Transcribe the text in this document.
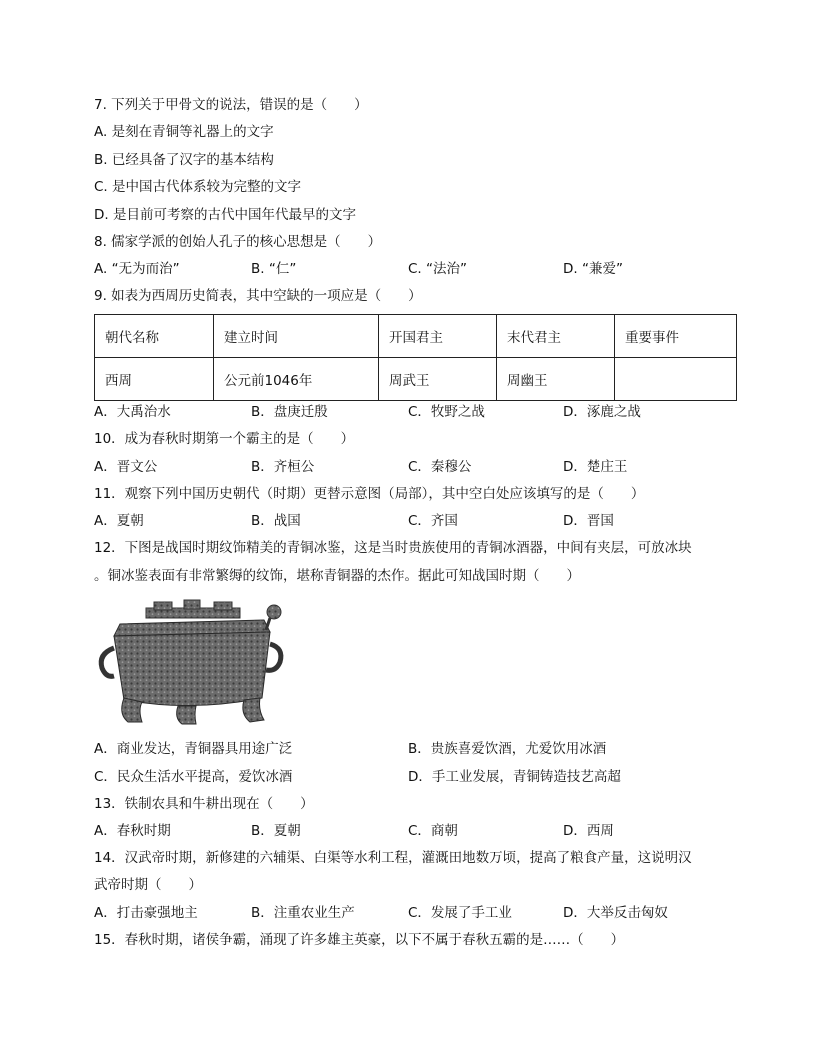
7. 下列关于甲骨文的说法，错误的是（　　）
A. 是刻在青铜等礼器上的文字
B. 已经具备了汉字的基本结构
C. 是中国古代体系较为完整的文字
D. 是目前可考察的古代中国年代最早的文字
8. 儒家学派的创始人孔子的核心思想是（　　）
A. “无为而治”	B. “仁”	C. “法治”	D. “兼爱”
9. 如表为西周历史简表，其中空缺的一项应是（　　）
朝代名称	建立时间	开国君主	末代君主	重要事件
西周	公元前1046年	周武王	周幽王	
A．大禹治水	B．盘庚迁殷	C．牧野之战	D．涿鹿之战
10．成为春秋时期第一个霸主的是（　　）
A．晋文公	B．齐桓公	C．秦穆公	D．楚庄王
11．观察下列中国历史朝代（时期）更替示意图（局部），其中空白处应该填写的是（　　）
A．夏朝	B．战国	C．齐国	D．晋国
12．下图是战国时期纹饰精美的青铜冰鉴，这是当时贵族使用的青铜冰酒器，中间有夹层，可放冰块
。铜冰鉴表面有非常繁缛的纹饰，堪称青铜器的杰作。据此可知战国时期（　　）
A．商业发达，青铜器具用途广泛	B．贵族喜爱饮酒，尤爱饮用冰酒
C．民众生活水平提高，爱饮冰酒	D．手工业发展，青铜铸造技艺高超
13．铁制农具和牛耕出现在（　　）
A．春秋时期	B．夏朝	C．商朝	D．西周
14．汉武帝时期，新修建的六辅渠、白渠等水利工程，灌溉田地数万顷，提高了粮食产量，这说明汉
武帝时期（　　）
A．打击豪强地主	B．注重农业生产	C．发展了手工业	D．大举反击匈奴
15．春秋时期，诸侯争霸，涌现了许多雄主英豪，以下不属于春秋五霸的是……（　　）
